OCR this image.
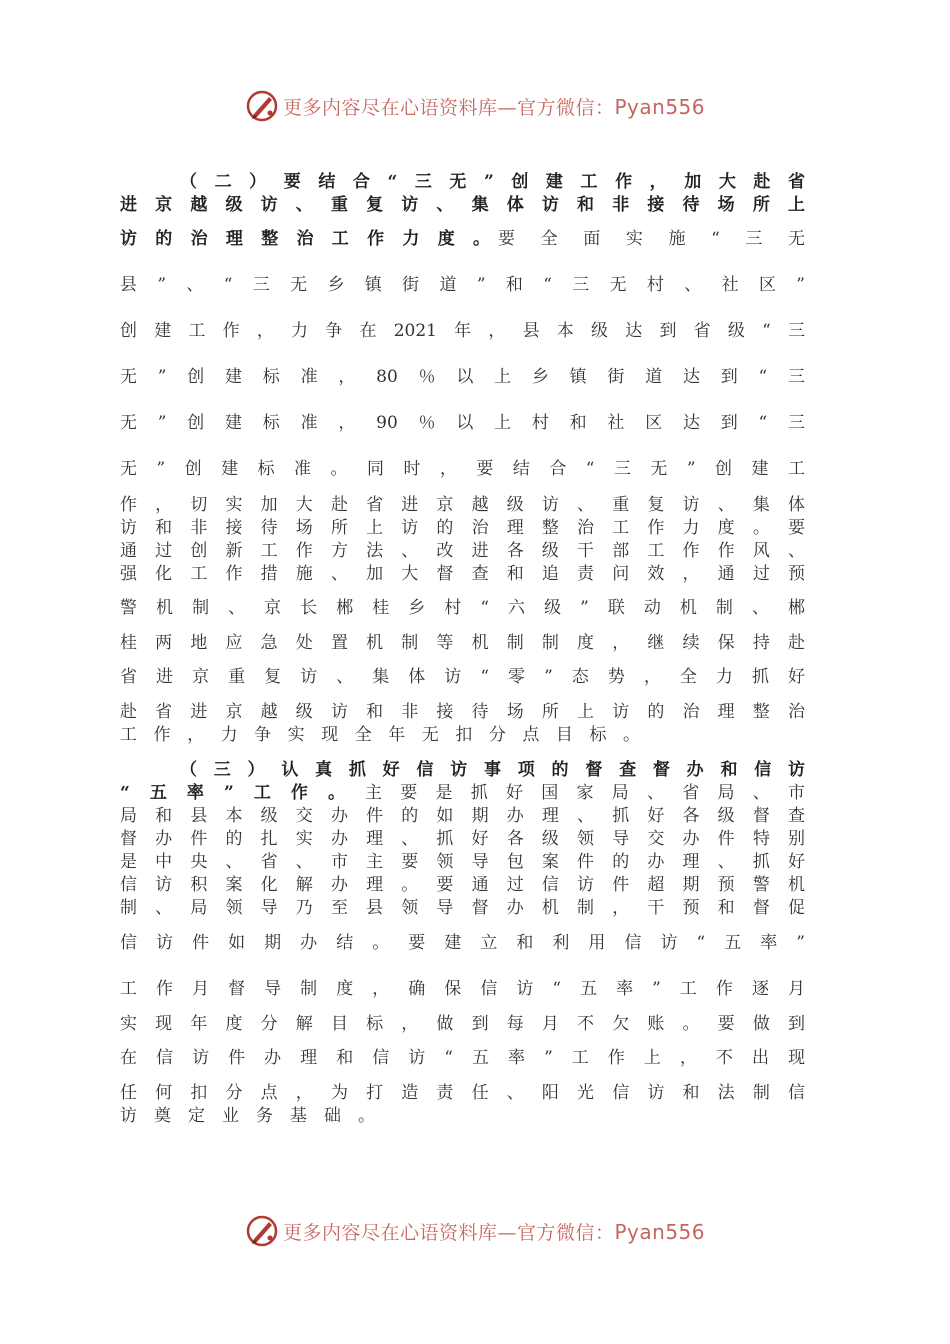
更多内容尽在心语资料库—官方微信：Pyan556
（二）要结合“三无”创建工作，加大赴省
进京越级访、重复访、集体访和非接待场所上
访的治理整治工作力度。 要全面实施“三无
县”、“三无乡镇街道”和“三无村、社区”
创建工作，力争在2021年，县本级达到省级“三
无”创建标准，80％以上乡镇街道达到“三
无”创建标准，90％以上村和社区达到“三
无”创建标准。同时，要结合“三无”创建工
作，切实加大赴省进京越级访、重复访、集体
访和非接待场所上访的治理整治工作力度。要
通过创新工作方法、改进各级干部工作作风、
强化工作措施、加大督查和追责问效，通过预
警机制、京长郴桂乡村“六级”联动机制、郴
桂两地应急处置机制等机制制度，继续保持赴
省进京重复访、集体访“零”态势，全力抓好
赴省进京越级访和非接待场所上访的治理整治
工作，力争实现全年无扣分点目标。
（三）认真抓好信访事项的督查督办和信访
“五率”工作。 主要是抓好国家局、省局、市
局和县本级交办件的如期办理、抓好各级督查
督办件的扎实办理、抓好各级领导交办件特别
是中央、省、市主要领导包案件的办理、抓好
信访积案化解办理。要通过信访件超期预警机
制、局领导乃至县领导督办机制，干预和督促
信访件如期办结。要建立和利用信访“五率”
工作月督导制度，确保信访“五率”工作逐月
实现年度分解目标，做到每月不欠账。要做到
在信访件办理和信访“五率”工作上，不出现
任何扣分点，为打造责任、阳光信访和法制信
访奠定业务基础。
更多内容尽在心语资料库—官方微信：Pyan556
